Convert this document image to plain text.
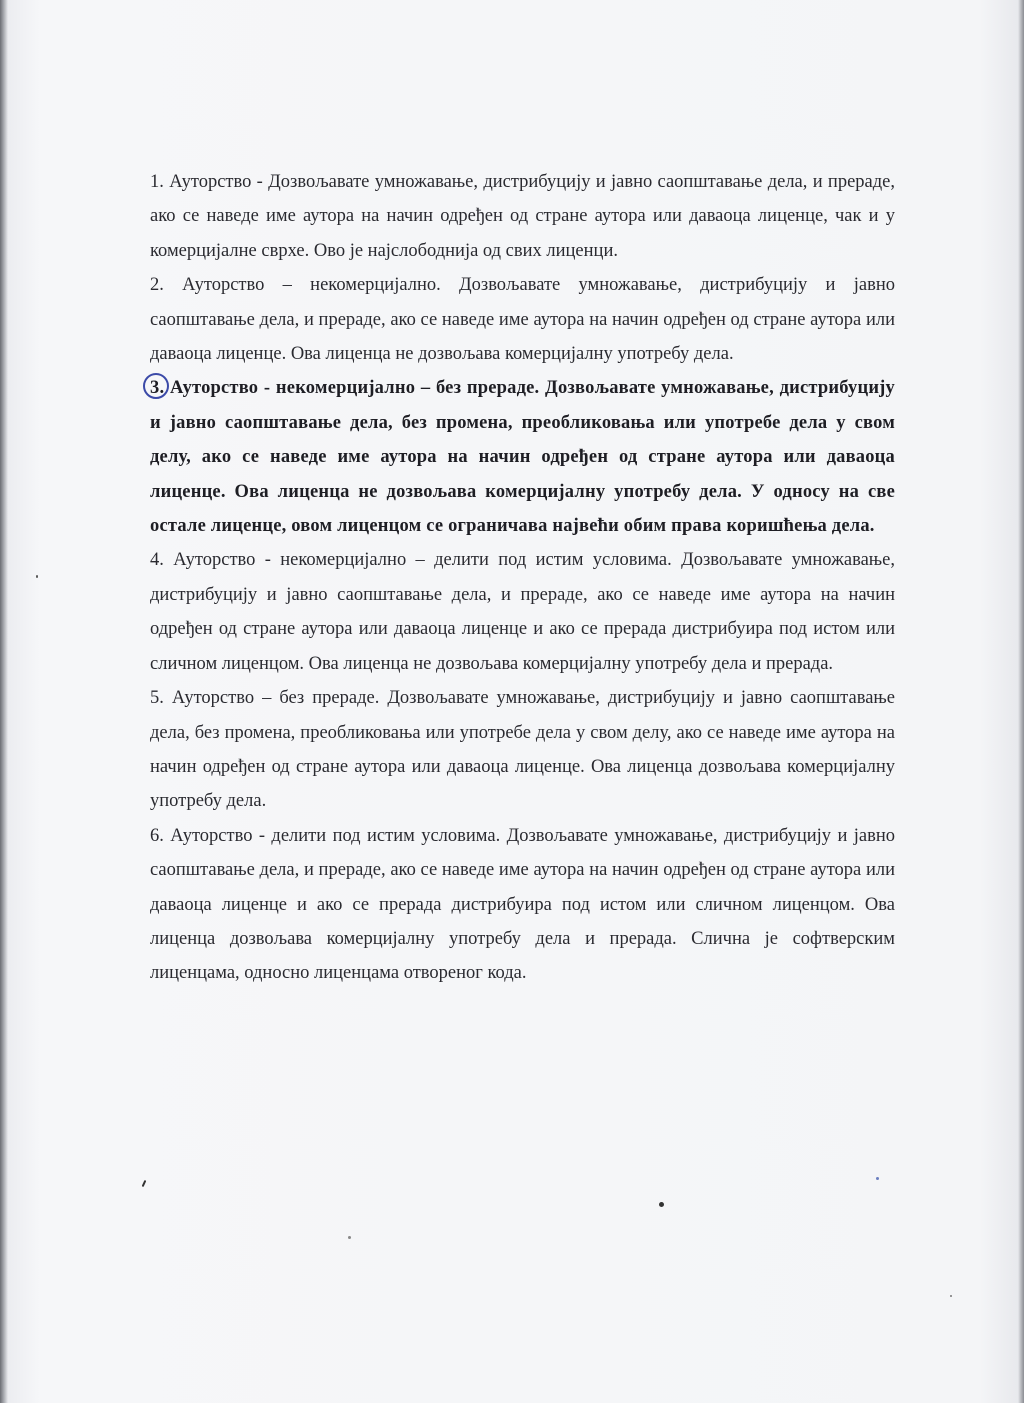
1. Ауторство - Дозвољавате умножавање, дистрибуцију и јавно саопштавање дела, и прераде, ако се наведе име аутора на начин одређен од стране аутора или даваоца лиценце, чак и у комерцијалне сврхе. Ово је најслободнија од свих лиценци.

2. Ауторство – некомерцијално. Дозвољавате умножавање, дистрибуцију и јавно саопштавање дела, и прераде, ако се наведе име аутора на начин одређен од стране аутора или даваоца лиценце. Ова лиценца не дозвољава комерцијалну употребу дела.

3. Ауторство - некомерцијално – без прераде. Дозвољавате умножавање, дистрибуцију и јавно саопштавање дела, без промена, преобликовања или употребе дела у свом делу, ако се наведе име аутора на начин одређен од стране аутора или даваоца лиценце. Ова лиценца не дозвољава комерцијалну употребу дела. У односу на све остале лиценце, овом лиценцом се ограничава највећи обим права коришћења дела.

4. Ауторство - некомерцијално – делити под истим условима. Дозвољавате умножавање, дистрибуцију и јавно саопштавање дела, и прераде, ако се наведе име аутора на начин одређен од стране аутора или даваоца лиценце и ако се прерада дистрибуира под истом или сличном лиценцом. Ова лиценца не дозвољава комерцијалну употребу дела и прерада.

5. Ауторство – без прераде. Дозвољавате умножавање, дистрибуцију и јавно саопштавање дела, без промена, преобликовања или употребе дела у свом делу, ако се наведе име аутора на начин одређен од стране аутора или даваоца лиценце. Ова лиценца дозвољава комерцијалну употребу дела.

6. Ауторство - делити под истим условима. Дозвољавате умножавање, дистрибуцију и јавно саопштавање дела, и прераде, ако се наведе име аутора на начин одређен од стране аутора или даваоца лиценце и ако се прерада дистрибуира под истом или сличном лиценцом. Ова лиценца дозвољава комерцијалну употребу дела и прерада. Слична је софтверским лиценцама, односно лиценцама отвореног кода.
